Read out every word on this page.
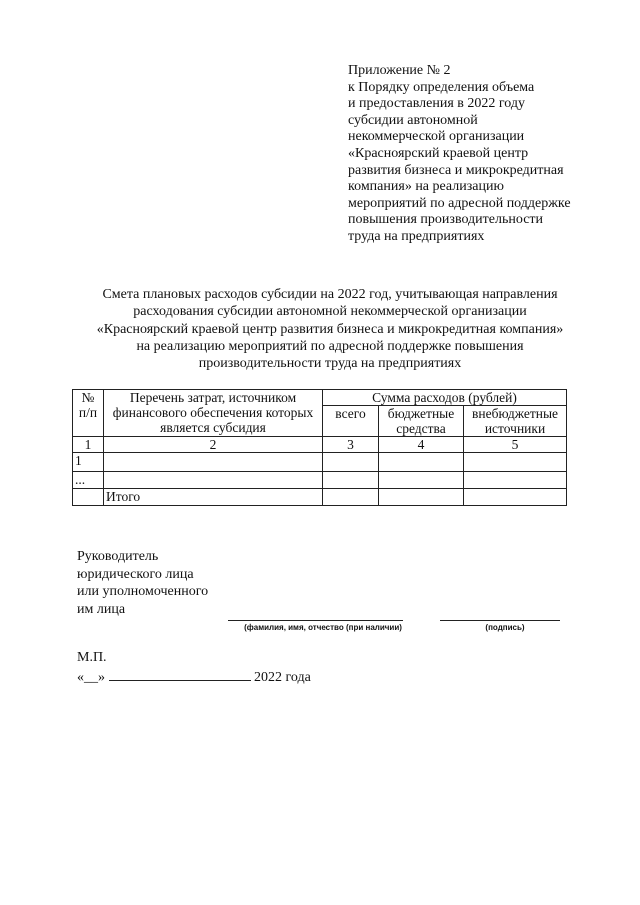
Приложение № 2
к Порядку определения объема
и предоставления в 2022 году
субсидии автономной
некоммерческой организации
«Красноярский краевой центр
развития бизнеса и микрокредитная
компания» на реализацию
мероприятий по адресной поддержке
повышения производительности
труда на предприятиях
Смета плановых расходов субсидии на 2022 год, учитывающая направления
расходования субсидии автономной некоммерческой организации
«Красноярский краевой центр развития бизнеса и микрокредитная компания»
на реализацию мероприятий по адресной поддержке повышения
производительности труда на предприятиях
№ п/п	Перечень затрат, источником финансового обеспечения которых является субсидия	Сумма расходов (рублей)		
		всего	бюджетные средства	внебюджетные источники
1	2	3	4	5
1				
...				
	Итого			
Руководитель
юридического лица
или уполномоченного
им лица
(фамилия, имя, отчество (при наличии)	(подпись)
М.П.
«__»	2022 года
